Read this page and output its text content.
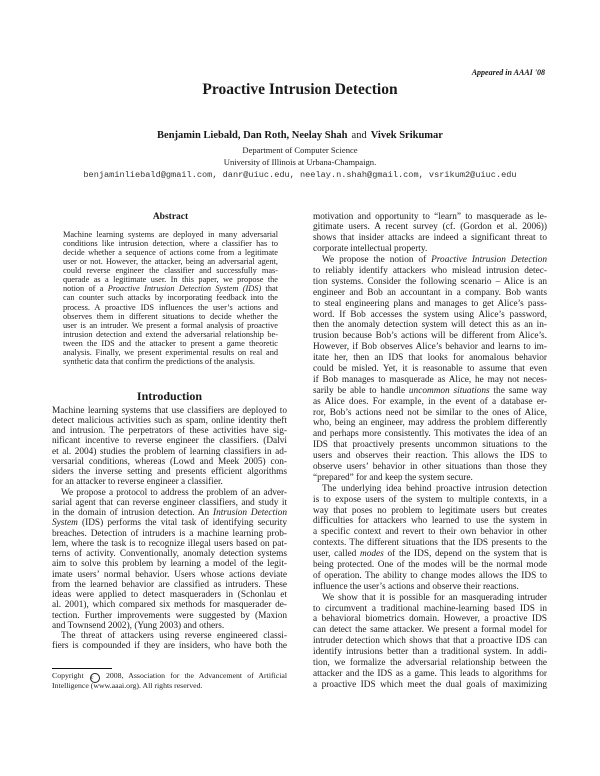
Appeared in AAAI '08
Proactive Intrusion Detection
Benjamin Liebald, Dan Roth, Neelay Shah and Vivek Srikumar
Department of Computer Science
University of Illinois at Urbana-Champaign.
benjaminliebald@gmail.com, danr@uiuc.edu, neelay.n.shah@gmail.com, vsrikum2@uiuc.edu
Abstract
Machine learning systems are deployed in many adversarial
conditions like intrusion detection, where a classifier has to
decide whether a sequence of actions come from a legitimate
user or not. However, the attacker, being an adversarial agent,
could reverse engineer the classifier and successfully mas-
querade as a legitimate user. In this paper, we propose the
notion of a Proactive Intrusion Detection System (IDS) that
can counter such attacks by incorporating feedback into the
process. A proactive IDS influences the user’s actions and
observes them in different situations to decide whether the
user is an intruder. We present a formal analysis of proactive
intrusion detection and extend the adversarial relationship be-
tween the IDS and the attacker to present a game theoretic
analysis. Finally, we present experimental results on real and
synthetic data that confirm the predictions of the analysis.
Introduction
Machine learning systems that use classifiers are deployed to
detect malicious activities such as spam, online identity theft
and intrusion. The perpetrators of these activities have sig-
nificant incentive to reverse engineer the classifiers. (Dalvi
et al. 2004) studies the problem of learning classifiers in ad-
versarial conditions, whereas (Lowd and Meek 2005) con-
siders the inverse setting and presents efficient algorithms
for an attacker to reverse engineer a classifier.
We propose a protocol to address the problem of an adver-
sarial agent that can reverse engineer classifiers, and study it
in the domain of intrusion detection. An Intrusion Detection
System (IDS) performs the vital task of identifying security
breaches. Detection of intruders is a machine learning prob-
lem, where the task is to recognize illegal users based on pat-
terns of activity. Conventionally, anomaly detection systems
aim to solve this problem by learning a model of the legit-
imate users’ normal behavior. Users whose actions deviate
from the learned behavior are classified as intruders. These
ideas were applied to detect masqueraders in (Schonlau et
al. 2001), which compared six methods for masquerader de-
tection. Further improvements were suggested by (Maxion
and Townsend 2002), (Yung 2003) and others.
The threat of attackers using reverse engineered classi-
fiers is compounded if they are insiders, who have both the
motivation and opportunity to “learn” to masquerade as le-
gitimate users. A recent survey (cf. (Gordon et al. 2006))
shows that insider attacks are indeed a significant threat to
corporate intellectual property.
We propose the notion of Proactive Intrusion Detection
to reliably identify attackers who mislead intrusion detec-
tion systems. Consider the following scenario – Alice is an
engineer and Bob an accountant in a company. Bob wants
to steal engineering plans and manages to get Alice’s pass-
word. If Bob accesses the system using Alice’s password,
then the anomaly detection system will detect this as an in-
trusion because Bob’s actions will be different from Alice’s.
However, if Bob observes Alice’s behavior and learns to im-
itate her, then an IDS that looks for anomalous behavior
could be misled. Yet, it is reasonable to assume that even
if Bob manages to masquerade as Alice, he may not neces-
sarily be able to handle uncommon situations the same way
as Alice does. For example, in the event of a database er-
ror, Bob’s actions need not be similar to the ones of Alice,
who, being an engineer, may address the problem differently
and perhaps more consistently. This motivates the idea of an
IDS that proactively presents uncommon situations to the
users and observes their reaction. This allows the IDS to
observe users’ behavior in other situations than those they
“prepared” for and keep the system secure.
The underlying idea behind proactive intrusion detection
is to expose users of the system to multiple contexts, in a
way that poses no problem to legitimate users but creates
difficulties for attackers who learned to use the system in
a specific context and revert to their own behavior in other
contexts. The different situations that the IDS presents to the
user, called modes of the IDS, depend on the system that is
being protected. One of the modes will be the normal mode
of operation. The ability to change modes allows the IDS to
influence the user’s actions and observe their reactions.
We show that it is possible for an masquerading intruder
to circumvent a traditional machine-learning based IDS in
a behavioral biometrics domain. However, a proactive IDS
can detect the same attacker. We present a formal model for
intruder detection which shows that that a proactive IDS can
identify intrusions better than a traditional system. In addi-
tion, we formalize the adversarial relationship between the
attacker and the IDS as a game. This leads to algorithms for
a proactive IDS which meet the dual goals of maximizing
Copyright c 2008, Association for the Advancement of Artificial
Intelligence (www.aaai.org). All rights reserved.
